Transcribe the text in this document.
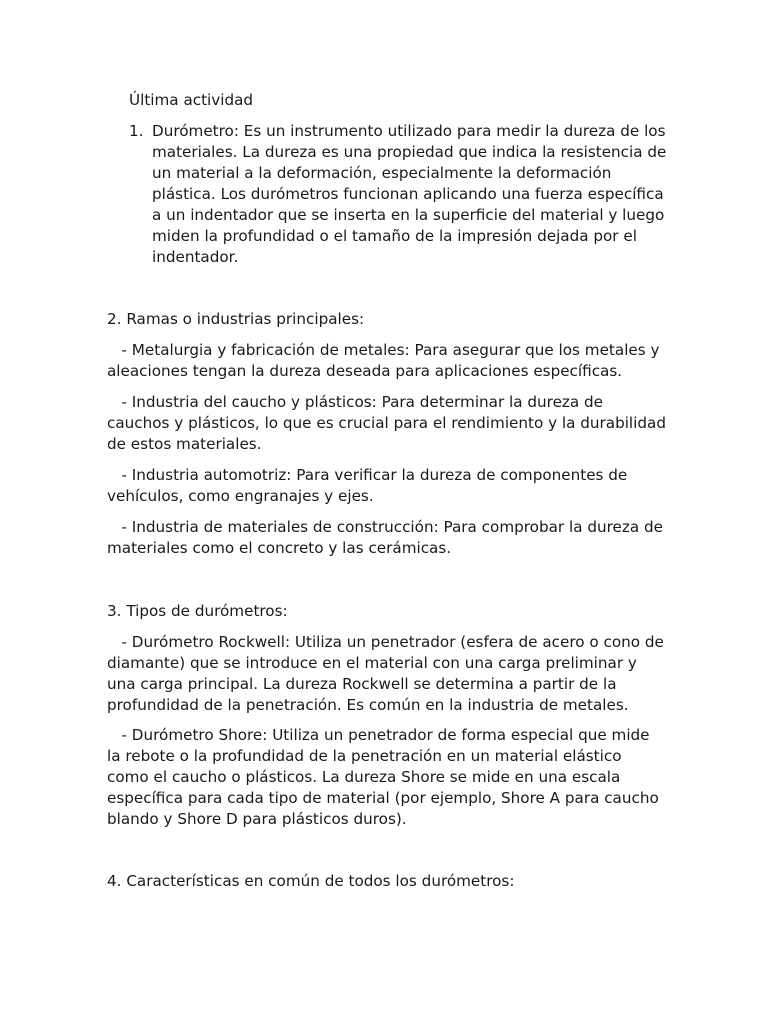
Última actividad
1. Durómetro: Es un instrumento utilizado para medir la dureza de los materiales. La dureza es una propiedad que indica la resistencia de un material a la deformación, especialmente la deformación plástica. Los durómetros funcionan aplicando una fuerza específica a un indentador que se inserta en la superficie del material y luego miden la profundidad o el tamaño de la impresión dejada por el indentador.

2. Ramas o industrias principales:

- Metalurgia y fabricación de metales: Para asegurar que los metales y aleaciones tengan la dureza deseada para aplicaciones específicas.

- Industria del caucho y plásticos: Para determinar la dureza de cauchos y plásticos, lo que es crucial para el rendimiento y la durabilidad de estos materiales.

- Industria automotriz: Para verificar la dureza de componentes de vehículos, como engranajes y ejes.

- Industria de materiales de construcción: Para comprobar la dureza de materiales como el concreto y las cerámicas.

3. Tipos de durómetros:

- Durómetro Rockwell: Utiliza un penetrador (esfera de acero o cono de diamante) que se introduce en el material con una carga preliminar y una carga principal. La dureza Rockwell se determina a partir de la profundidad de la penetración. Es común en la industria de metales.

- Durómetro Shore: Utiliza un penetrador de forma especial que mide la rebote o la profundidad de la penetración en un material elástico como el caucho o plásticos. La dureza Shore se mide en una escala específica para cada tipo de material (por ejemplo, Shore A para caucho blando y Shore D para plásticos duros).

4. Características en común de todos los durómetros:
